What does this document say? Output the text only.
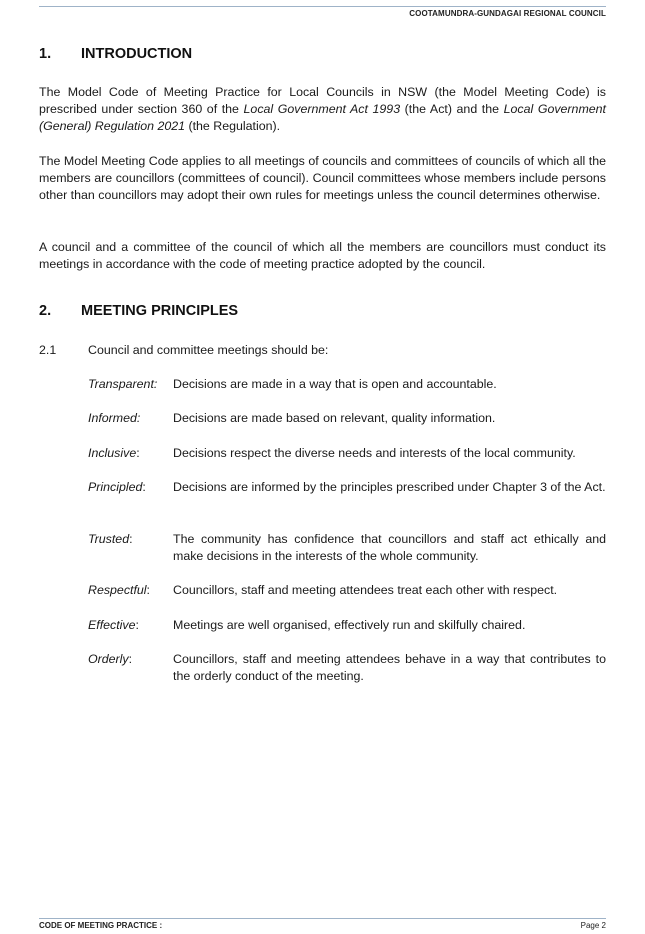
COOTAMUNDRA-GUNDAGAI REGIONAL COUNCIL
1. INTRODUCTION
The Model Code of Meeting Practice for Local Councils in NSW (the Model Meeting Code) is prescribed under section 360 of the Local Government Act 1993 (the Act) and the Local Government (General) Regulation 2021 (the Regulation).
The Model Meeting Code applies to all meetings of councils and committees of councils of which all the members are councillors (committees of council). Council committees whose members include persons other than councillors may adopt their own rules for meetings unless the council determines otherwise.
A council and a committee of the council of which all the members are councillors must conduct its meetings in accordance with the code of meeting practice adopted by the council.
2. MEETING PRINCIPLES
2.1	Council and committee meetings should be:
Transparent: Decisions are made in a way that is open and accountable.
Informed:	Decisions are made based on relevant, quality information.
Inclusive:	Decisions respect the diverse needs and interests of the local community.
Principled: Decisions are informed by the principles prescribed under Chapter 3 of the Act.
Trusted:	The community has confidence that councillors and staff act ethically and make decisions in the interests of the whole community.
Respectful: Councillors, staff and meeting attendees treat each other with respect.
Effective:	Meetings are well organised, effectively run and skilfully chaired.
Orderly:	Councillors, staff and meeting attendees behave in a way that contributes to the orderly conduct of the meeting.
CODE OF MEETING PRACTICE :	Page 2
